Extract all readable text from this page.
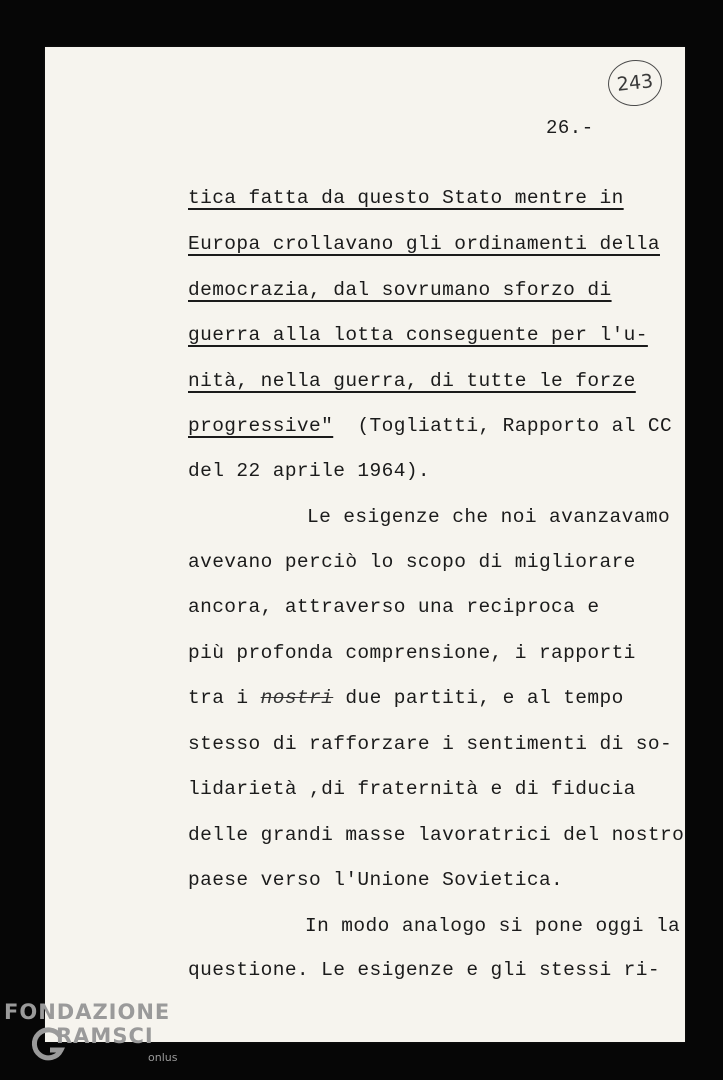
243
26.-
tica fatta da questo Stato mentre in
Europa crollavano gli ordinamenti della
democrazia, dal sovrumano sforzo di
guerra alla lotta conseguente per l'u-
nità, nella guerra, di tutte le forze
progressive" (Togliatti, Rapporto al CC
del 22 aprile 1964).
Le esigenze che noi avanzavamo
avevano perciò lo scopo di migliorare
ancora, attraverso una reciproca e
più profonda comprensione, i rapporti
tra i nostri due partiti, e al tempo
stesso di rafforzare i sentimenti di so-
lidarietà ,di fraternità e di fiducia
delle grandi masse lavoratrici del nostro
paese verso l'Unione Sovietica.
In modo analogo si pone oggi la
questione. Le esigenze e gli stessi ri-
FONDAZIONE
RAMSCI
onlus
